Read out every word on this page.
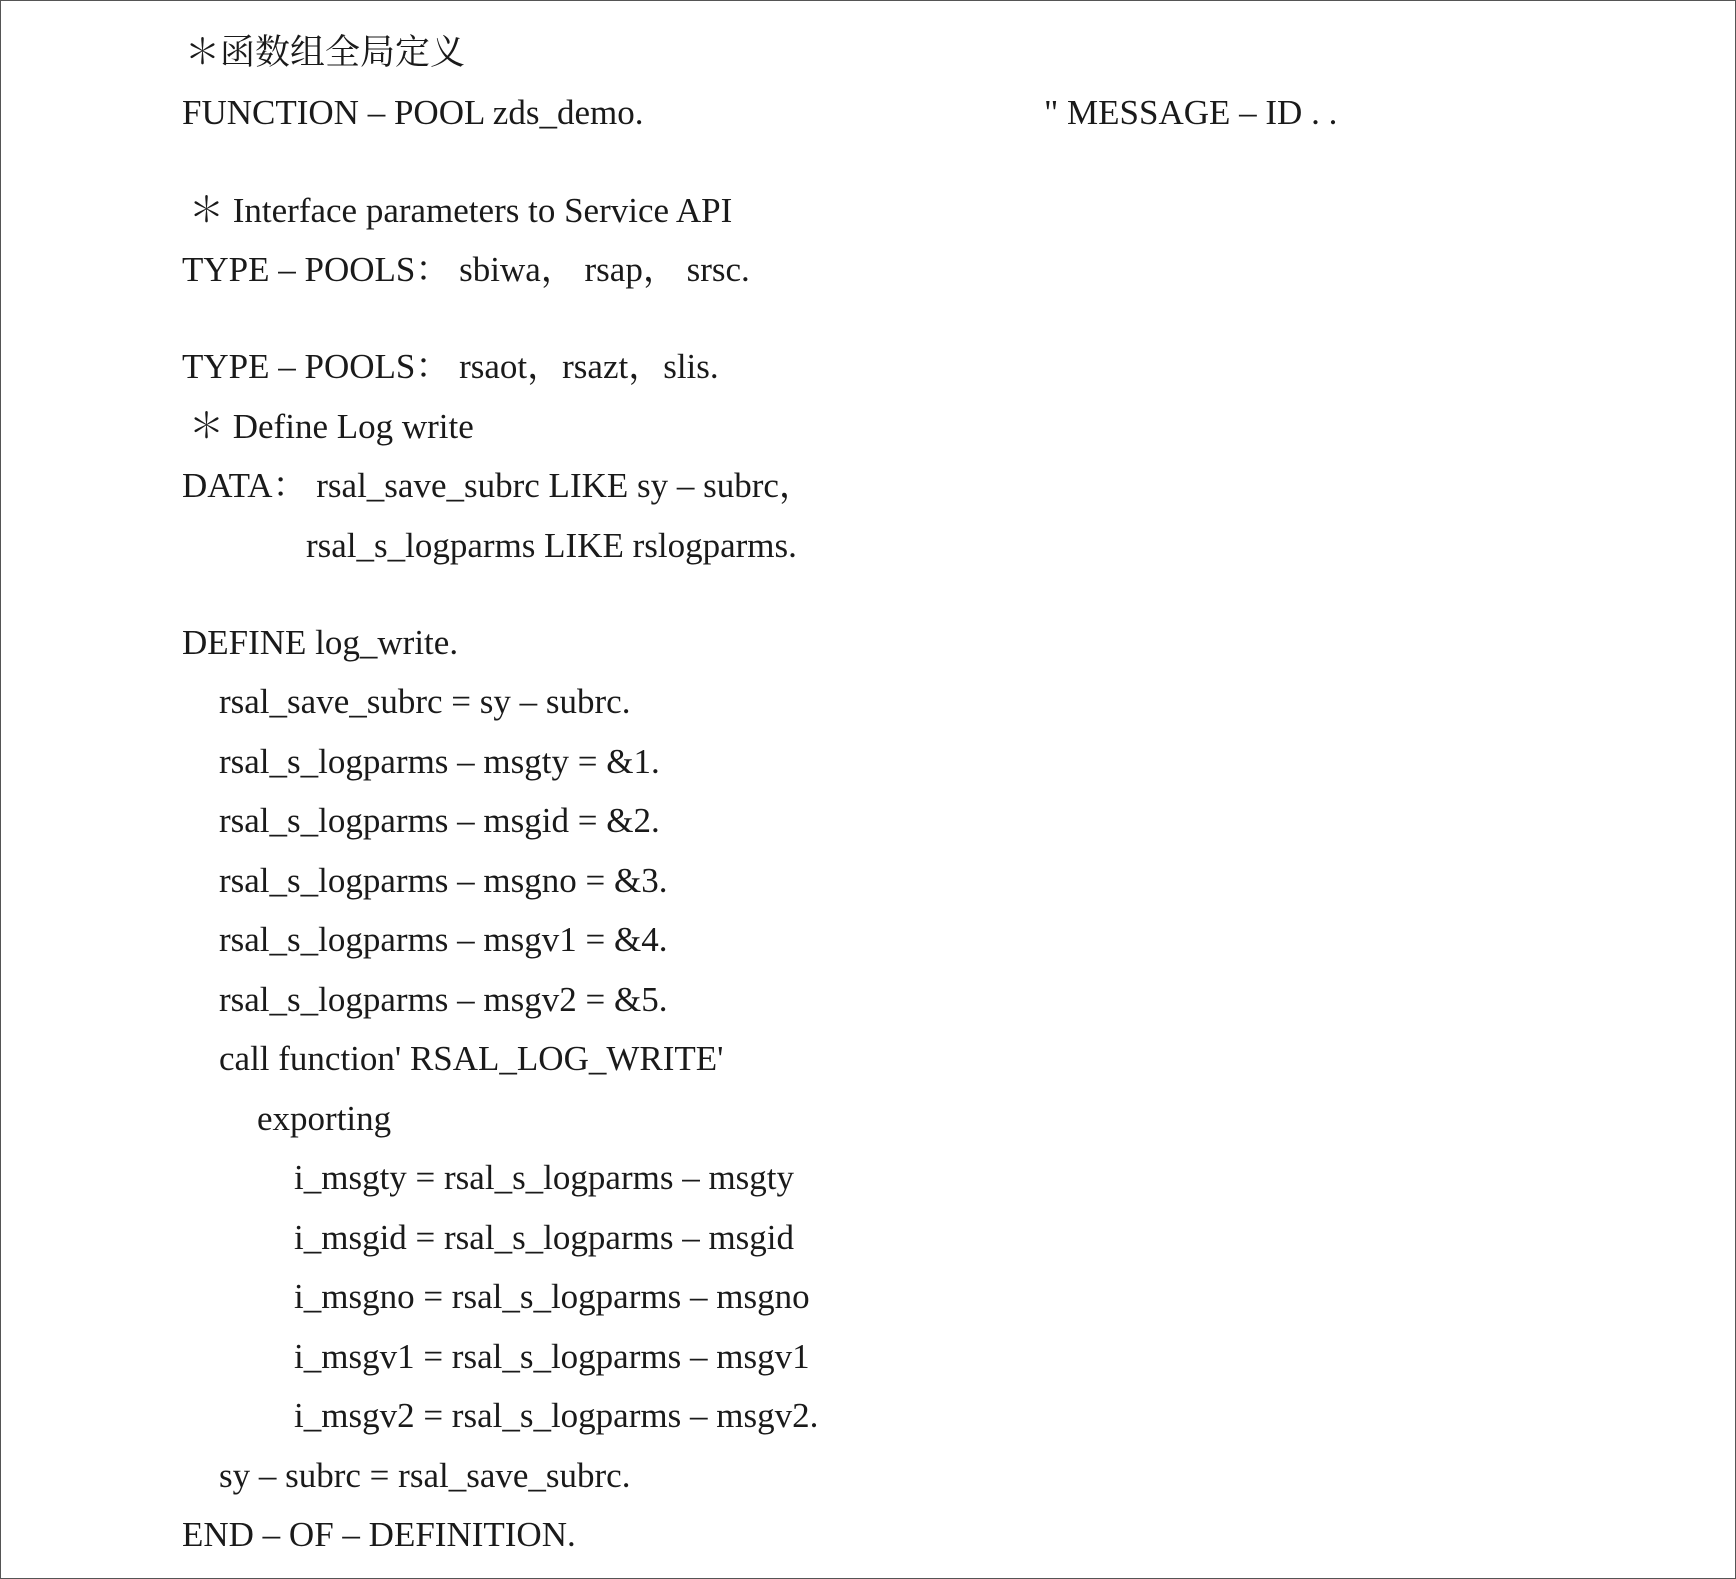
＊函数组全局定义
FUNCTION – POOL zds_demo.	" MESSAGE – ID . .
＊ Interface parameters to Service API
TYPE – POOLS： sbiwa， rsap， srsc.
TYPE – POOLS： rsaot，rsazt，slis.
＊ Define Log write
DATA： rsal_save_subrc LIKE sy – subrc，
rsal_s_logparms LIKE rslogparms.
DEFINE log_write.
rsal_save_subrc = sy – subrc.
rsal_s_logparms – msgty = &1.
rsal_s_logparms – msgid = &2.
rsal_s_logparms – msgno = &3.
rsal_s_logparms – msgv1 = &4.
rsal_s_logparms – msgv2 = &5.
call function' RSAL_LOG_WRITE'
exporting
i_msgty = rsal_s_logparms – msgty
i_msgid = rsal_s_logparms – msgid
i_msgno = rsal_s_logparms – msgno
i_msgv1 = rsal_s_logparms – msgv1
i_msgv2 = rsal_s_logparms – msgv2.
sy – subrc = rsal_save_subrc.
END – OF – DEFINITION.
